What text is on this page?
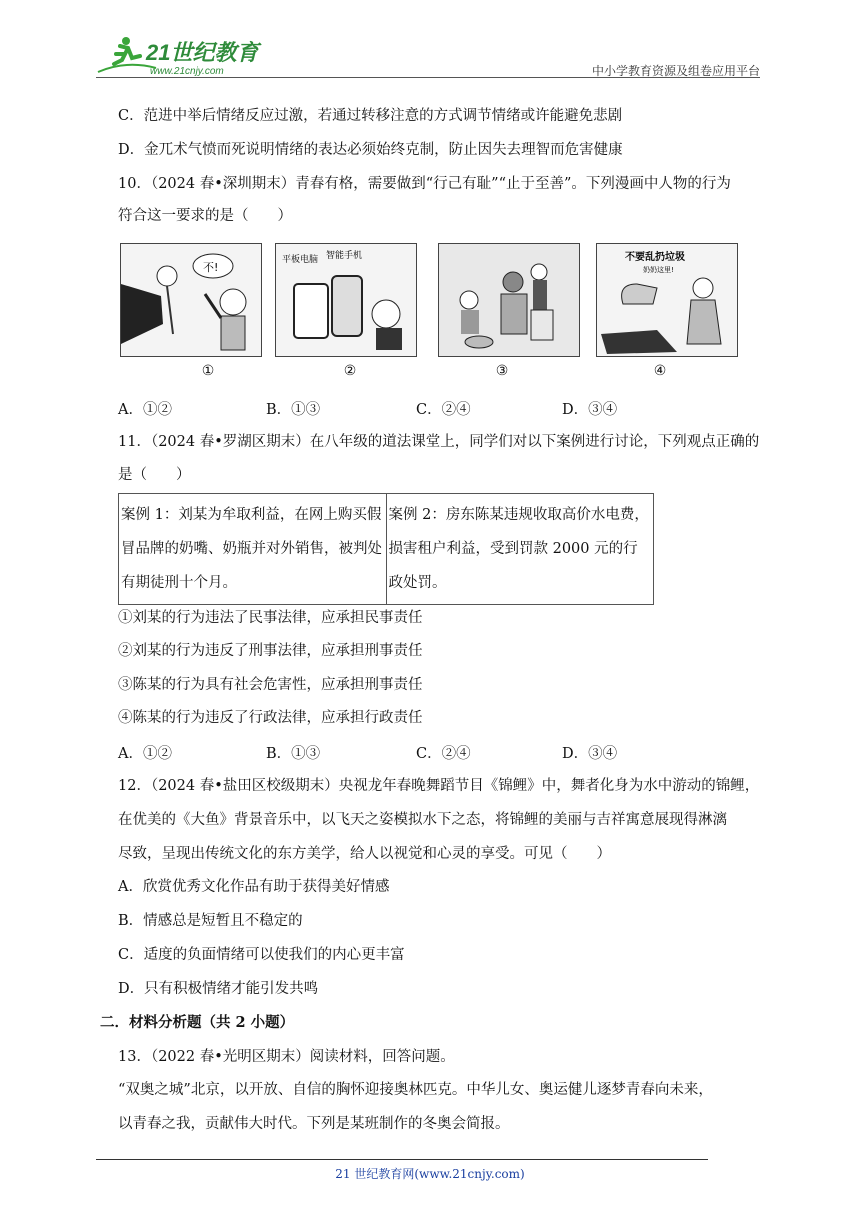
21世纪教育
www.21cnjy.com	中小学教育资源及组卷应用平台
C．范进中举后情绪反应过激，若通过转移注意的方式调节情绪或许能避免悲剧
D．金兀术气愤而死说明情绪的表达必须始终克制，防止因失去理智而危害健康
10．（2024 春•深圳期末）青春有格，需要做到“行己有耻”“止于至善”。下列漫画中人物的行为
符合这一要求的是（　　）
不!
平板电脑 智能手机	不要乱扔垃圾
奶奶这里!
①	②	③	④
A．①②	B．①③	C．②④	D．③④
11．（2024 春•罗湖区期末）在八年级的道法课堂上，同学们对以下案例进行讨论，下列观点正确的
是（　　）
案例 1：刘某为牟取利益，在网上购买假冒品牌的奶嘴、奶瓶并对外销售，被判处有期徒刑十个月。	案例 2：房东陈某违规收取高价水电费，损害租户利益，受到罚款 2000 元的行政处罚。
①刘某的行为违法了民事法律，应承担民事责任
②刘某的行为违反了刑事法律，应承担刑事责任
③陈某的行为具有社会危害性，应承担刑事责任
④陈某的行为违反了行政法律，应承担行政责任
A．①②	B．①③	C．②④	D．③④
12．（2024 春•盐田区校级期末）央视龙年春晚舞蹈节目《锦鲤》中，舞者化身为水中游动的锦鲤，
在优美的《大鱼》背景音乐中，以飞天之姿模拟水下之态，将锦鲤的美丽与吉祥寓意展现得淋漓
尽致，呈现出传统文化的东方美学，给人以视觉和心灵的享受。可见（　　）
A．欣赏优秀文化作品有助于获得美好情感
B．情感总是短暂且不稳定的
C．适度的负面情绪可以使我们的内心更丰富
D．只有积极情绪才能引发共鸣
二．材料分析题（共 2 小题）
13．（2022 春•光明区期末）阅读材料，回答问题。
“双奥之城”北京，以开放、自信的胸怀迎接奥林匹克。中华儿女、奥运健儿逐梦青春向未来，
以青春之我，贡献伟大时代。下列是某班制作的冬奥会简报。
21 世纪教育网(www.21cnjy.com)
